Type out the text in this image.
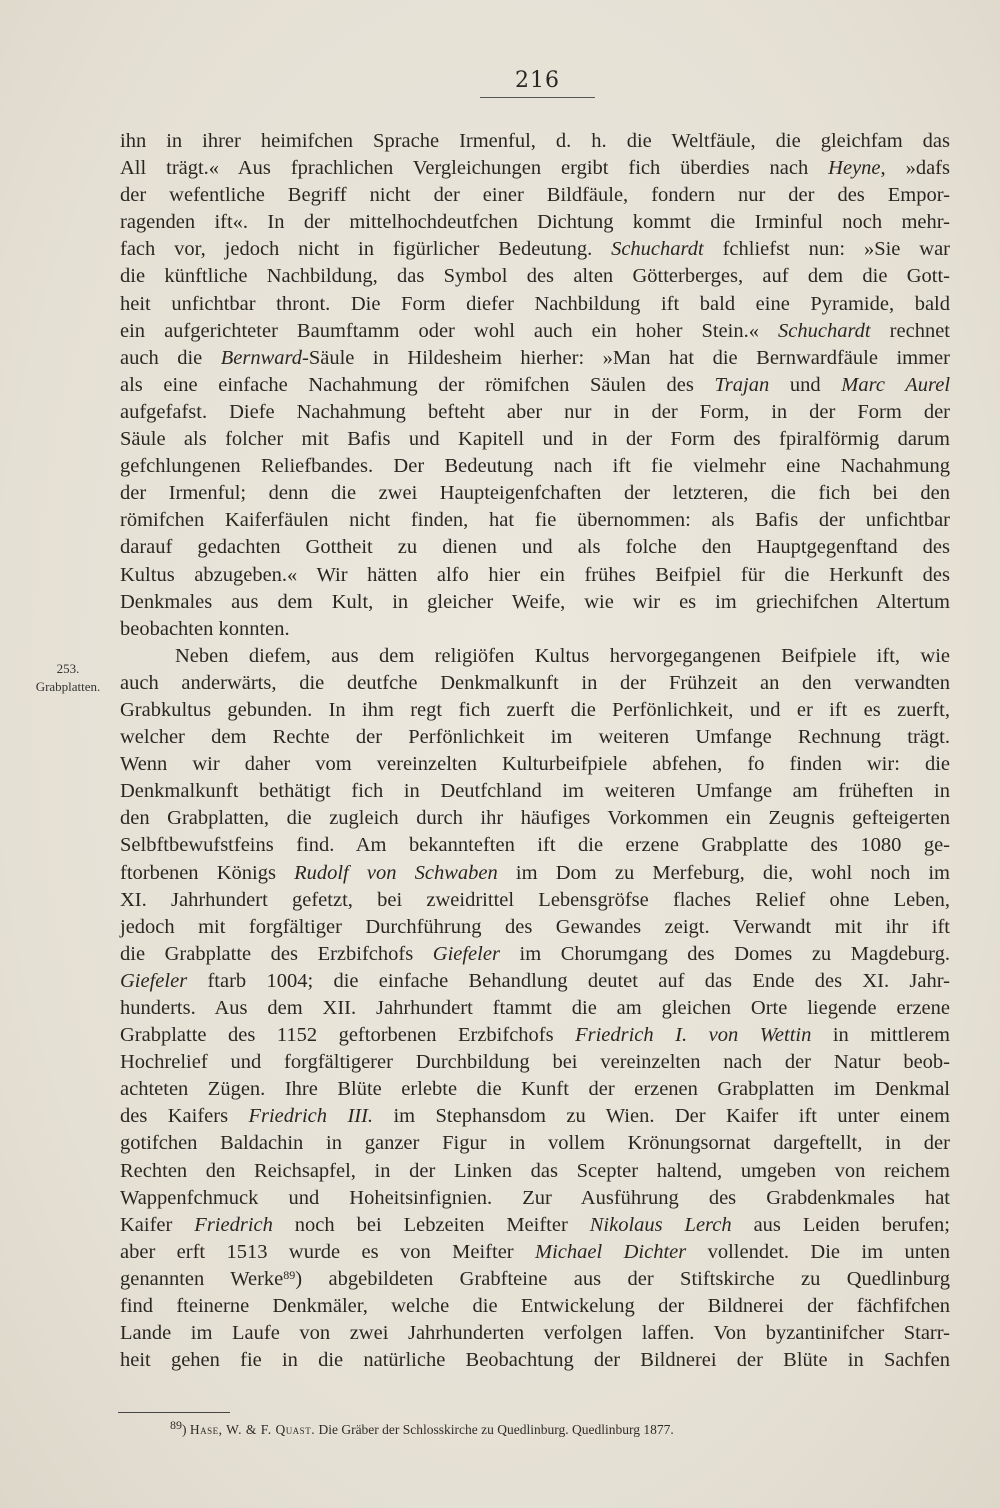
216
253.
Grabplatten.
ihn in ihrer heimifchen Sprache Irmenful, d. h. die Weltfäule, die gleichfam das
All trägt.« Aus fprachlichen Vergleichungen ergibt fich überdies nach Heyne, »dafs
der wefentliche Begriff nicht der einer Bildfäule, fondern nur der des Empor-
ragenden ift«. In der mittelhochdeutfchen Dichtung kommt die Irminful noch mehr-
fach vor, jedoch nicht in figürlicher Bedeutung. Schuchardt fchliefst nun: »Sie war
die künftliche Nachbildung, das Symbol des alten Götterberges, auf dem die Gott-
heit unfichtbar thront. Die Form diefer Nachbildung ift bald eine Pyramide, bald
ein aufgerichteter Baumftamm oder wohl auch ein hoher Stein.« Schuchardt rechnet
auch die Bernward-Säule in Hildesheim hierher: »Man hat die Bernwardfäule immer
als eine einfache Nachahmung der römifchen Säulen des Trajan und Marc Aurel
aufgefafst. Diefe Nachahmung befteht aber nur in der Form, in der Form der
Säule als folcher mit Bafis und Kapitell und in der Form des fpiralförmig darum
gefchlungenen Reliefbandes. Der Bedeutung nach ift fie vielmehr eine Nachahmung
der Irmenful; denn die zwei Haupteigenfchaften der letzteren, die fich bei den
römifchen Kaiferfäulen nicht finden, hat fie übernommen: als Bafis der unfichtbar
darauf gedachten Gottheit zu dienen und als folche den Hauptgegenftand des
Kultus abzugeben.« Wir hätten alfo hier ein frühes Beifpiel für die Herkunft des
Denkmales aus dem Kult, in gleicher Weife, wie wir es im griechifchen Altertum
beobachten konnten.
Neben diefem, aus dem religiöfen Kultus hervorgegangenen Beifpiele ift, wie
auch anderwärts, die deutfche Denkmalkunft in der Frühzeit an den verwandten
Grabkultus gebunden. In ihm regt fich zuerft die Perfönlichkeit, und er ift es zuerft,
welcher dem Rechte der Perfönlichkeit im weiteren Umfange Rechnung trägt.
Wenn wir daher vom vereinzelten Kulturbeifpiele abfehen, fo finden wir: die
Denkmalkunft bethätigt fich in Deutfchland im weiteren Umfange am früheften in
den Grabplatten, die zugleich durch ihr häufiges Vorkommen ein Zeugnis gefteigerten
Selbftbewufstfeins find. Am bekannteften ift die erzene Grabplatte des 1080 ge-
ftorbenen Königs Rudolf von Schwaben im Dom zu Merfeburg, die, wohl noch im
XI. Jahrhundert gefetzt, bei zweidrittel Lebensgröfse flaches Relief ohne Leben,
jedoch mit forgfältiger Durchführung des Gewandes zeigt. Verwandt mit ihr ift
die Grabplatte des Erzbifchofs Giefeler im Chorumgang des Domes zu Magdeburg.
Giefeler ftarb 1004; die einfache Behandlung deutet auf das Ende des XI. Jahr-
hunderts. Aus dem XII. Jahrhundert ftammt die am gleichen Orte liegende erzene
Grabplatte des 1152 geftorbenen Erzbifchofs Friedrich I. von Wettin in mittlerem
Hochrelief und forgfältigerer Durchbildung bei vereinzelten nach der Natur beob-
achteten Zügen. Ihre Blüte erlebte die Kunft der erzenen Grabplatten im Denkmal
des Kaifers Friedrich III. im Stephansdom zu Wien. Der Kaifer ift unter einem
gotifchen Baldachin in ganzer Figur in vollem Krönungsornat dargeftellt, in der
Rechten den Reichsapfel, in der Linken das Scepter haltend, umgeben von reichem
Wappenfchmuck und Hoheitsinfignien. Zur Ausführung des Grabdenkmales hat
Kaifer Friedrich noch bei Lebzeiten Meifter Nikolaus Lerch aus Leiden berufen;
aber erft 1513 wurde es von Meifter Michael Dichter vollendet. Die im unten
genannten Werke$^{89}$) abgebildeten Grabfteine aus der Stiftskirche zu Quedlinburg
find fteinerne Denkmäler, welche die Entwickelung der Bildnerei der fächfifchen
Lande im Laufe von zwei Jahrhunderten verfolgen laffen. Von byzantinifcher Starr-
heit gehen fie in die natürliche Beobachtung der Bildnerei der Blüte in Sachfen
$^{89}$) Hase, W. & F. Quast. Die Gräber der Schlosskirche zu Quedlinburg. Quedlinburg 1877.
